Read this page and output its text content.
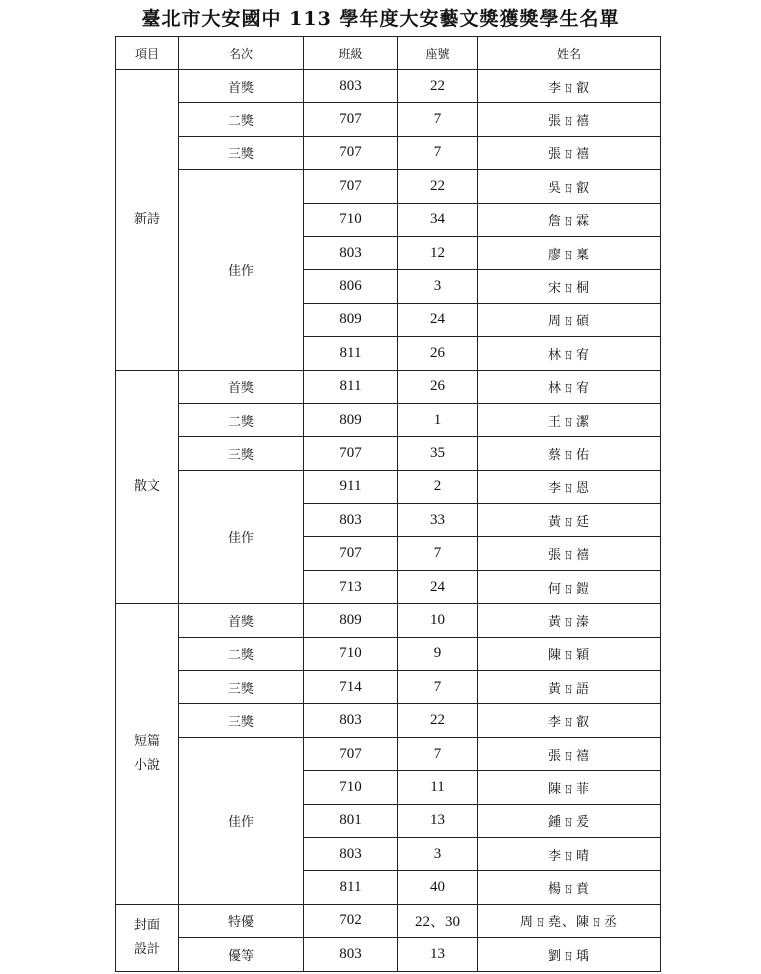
臺北市大安國中 113 學年度大安藝文獎獲獎學生名單
項目	名次	班級	座號	姓名

新詩	首獎	803	22	李ㄖ叡
	二獎	707	7	張ㄖ禧
	三獎	707	7	張ㄖ禧
	佳作	707	22	吳ㄖ叡
		710	34	詹ㄖ霖
		803	12	廖ㄖ稟
		806	3	宋ㄖ桐
		809	24	周ㄖ碩
		811	26	林ㄖ宥

散文	首獎	811	26	林ㄖ宥
	二獎	809	1	王ㄖ潔
	三獎	707	35	蔡ㄖ佑
	佳作	911	2	李ㄖ恩
		803	33	黃ㄖ廷
		707	7	張ㄖ禧
		713	24	何ㄖ鎧

短篇
小說	首獎	809	10	黃ㄖ溱
	二獎	710	9	陳ㄖ穎
	三獎	714	7	黃ㄖ語
	三獎	803	22	李ㄖ叡
	佳作	707	7	張ㄖ禧
		710	11	陳ㄖ菲
		801	13	鍾ㄖ爰
		803	3	李ㄖ晴
		811	40	楊ㄖ賁

封面
設計	特優	702	22、30	周ㄖ堯、陳ㄖ丞
	優等	803	13	劉ㄖ瑀
